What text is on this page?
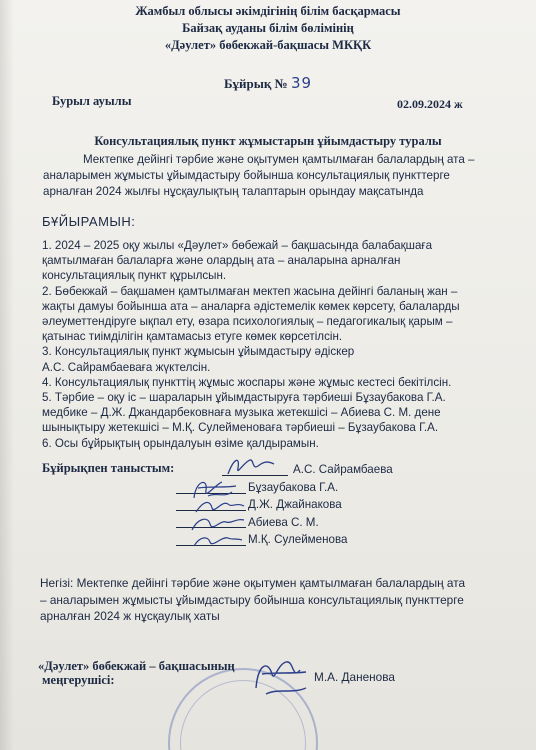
Жамбыл облысы әкімдігінің білім басқармасы
Байзақ ауданы білім бөлімінің
«Дәулет» бөбекжай-бақшасы МКҚК
Бұйрық № 39
Бурыл ауылы	02.09.2024 ж
Консультациялық пункт жұмыстарын ұйымдастыру туралы
Мектепке дейінгі тәрбие және оқытумен қамтылмаған балалардың ата –
аналарымен жұмысты ұйымдастыру бойынша консультациялық пункттерге
арналған 2024 жылғы нұсқаулықтың талаптарын орындау мақсатында
БҰЙЫРАМЫН:

1. 2024 – 2025 оқу жылы «Дәулет» бөбежай – бақшасында балабақшаға

қамтылмаған балаларға және олардың ата – аналарына арналған

консультациялық пункт құрылсын.

2. Бөбекжай – бақшамен қамтылмаған мектеп жасына дейінгі баланың жан –

жақты дамуы бойынша ата – аналарға әдістемелік көмек көрсету, балаларды

әлеуметтендіруге ықпал ету, өзара психологиялық – педагогикалық қарым –

қатынас тиімділігін қамтамасыз етуге көмек көрсетілсін.

3. Консультациялық пункт жұмысын ұйымдастыру әдіскер

А.С. Сайрамбаеваға жүктелсін.

4. Консультациялық пункттің жұмыс жоспары және жұмыс кестесі бекітілсін.

5. Тәрбие – оқу іс – шараларын ұйымдастыруға тәрбиеші Бұзаубакова Г.А.

медбике – Д.Ж. Джандарбековнаға музыка жетекшісі – Абиева С. М. дене

шынықтыру жетекшісі – М.Қ. Сулейменоваға тәрбиеші – Бұзаубакова Г.А.

6. Осы бұйрықтың орындалуын өзіме қалдырамын.

Бұйрықпен таныстым:	А.С. Сайрамбаева
Бұзаубакова Г.А.
Д.Ж. Джайнакова
Абиева С. М.
М.Қ. Сулейменова
Негізі: Мектепке дейінгі тәрбие және оқытумен қамтылмаған балалардың ата
– аналарымен жұмысты ұйымдастыру бойынша консультациялық пункттерге
арналған 2024 ж нұсқаулық хаты
«Дәулет» бөбекжай – бақшасының
меңгерушісі:	М.А. Даненова
